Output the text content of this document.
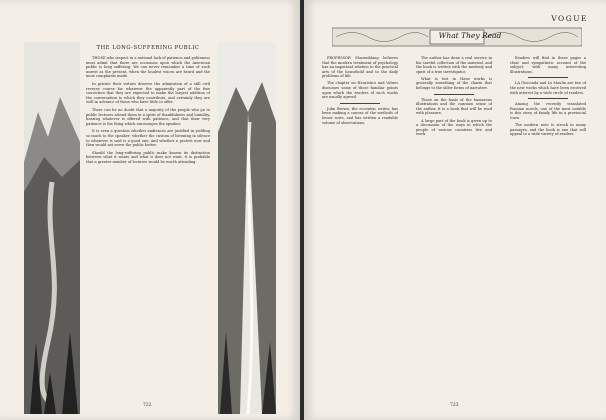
THE LONG-SUFFERING PUBLIC

THOSE who inspect in a national lack of patience and politeness must admit that there are occasions upon which the American public is long suffering. We can never remember a time of such unrest as the present, when the loudest voices are heard and the most complaints made.

In private their virtues deserve the admiration of a still civil reverse course for whatever the apparently part of the fine conviction that they are expected to make the largest addition of the conversation to which they contribute, and certainly they are well in advance of those who have little to offer.

There can be no doubt that a majority of the people who go to public lectures attend them in a spirit of thankfulness and humility, hearing whatever is offered with patience, and that their very patience is the thing which encourages the speaker.

It is even a question whether audiences are justified in yielding so much to the speaker; whether the custom of listening in silence to whatever is said is a good one, and whether a protest now and then would not serve the public better.

Should the long-suffering public make known its distinction between what it wants and what it does not want, it is probable that a greater number of lectures would be worth attending.

722
VOGUE
What They Read

PROFESSOR Shuzenblaug believes that the modern treatment of psychology has an important relation to the practical arts of the household and to the daily problems of life.

The chapter on Heuristics and Values discusses some of those familiar points upon which the readers of such works are usually agreed.

John Brown, the eccentric writer, has been making a canvas of the methods of lesser sorts, and has written a readable volume of observations.

The author has done a real service in his careful collection of the material, and the book is written with the modesty and spirit of a true investigator.

What is lost in these works is generally something of the charm that belongs to the older forms of narrative.

Those on the basis of the humorous illustrations and the common sense of the author, it is a book that will be read with pleasure.

A large part of the book is given up to a discussion of the ways in which the people of various countries live and work.

Readers will find in these pages a clear and sympathetic account of the subject, with many interesting illustrations.

LA Gioconda and Le Moulin are two of the new works which have been received with interest by a wide circle of readers.

Among the recently translated Russian novels, one of the most notable is this story of family life in a provincial town.

The modern note is struck in many passages, and the book is one that will appeal to a wide variety of readers.

723
